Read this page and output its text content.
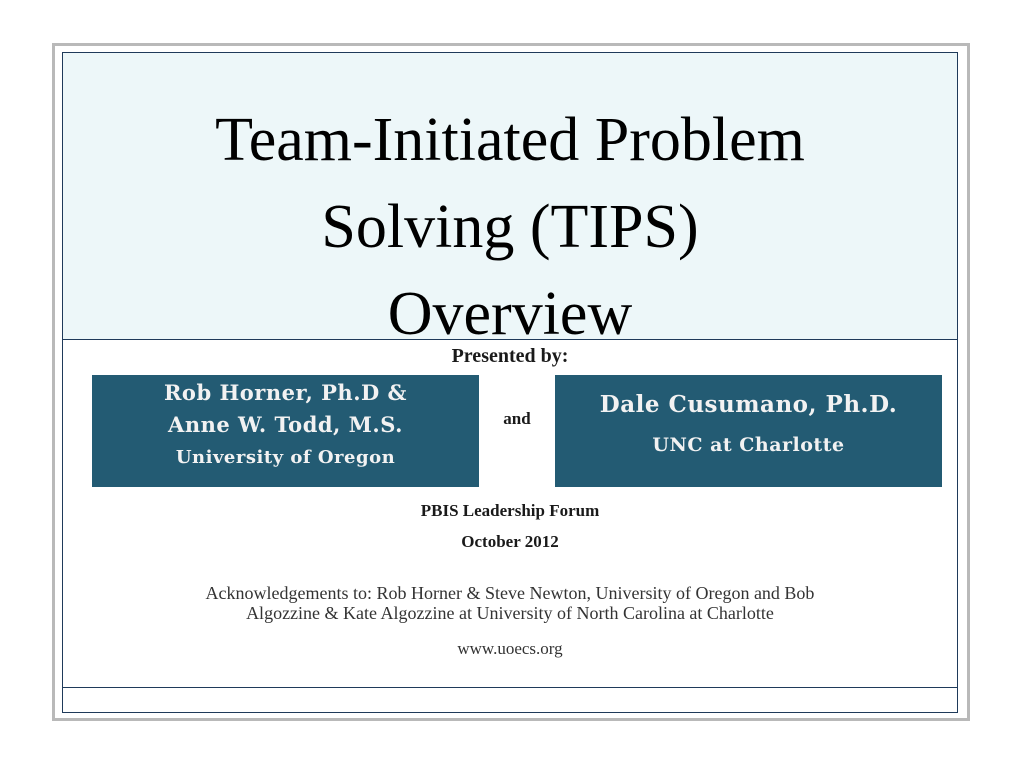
Team-Initiated Problem
Solving (TIPS)
Overview
Presented by:
Rob Horner, Ph.D &
Anne W. Todd, M.S.
University of Oregon
and
Dale Cusumano, Ph.D.
UNC at Charlotte
PBIS Leadership Forum
October 2012
Acknowledgements to: Rob Horner & Steve Newton, University of Oregon and Bob
Algozzine & Kate Algozzine at University of North Carolina at Charlotte
www.uoecs.org
